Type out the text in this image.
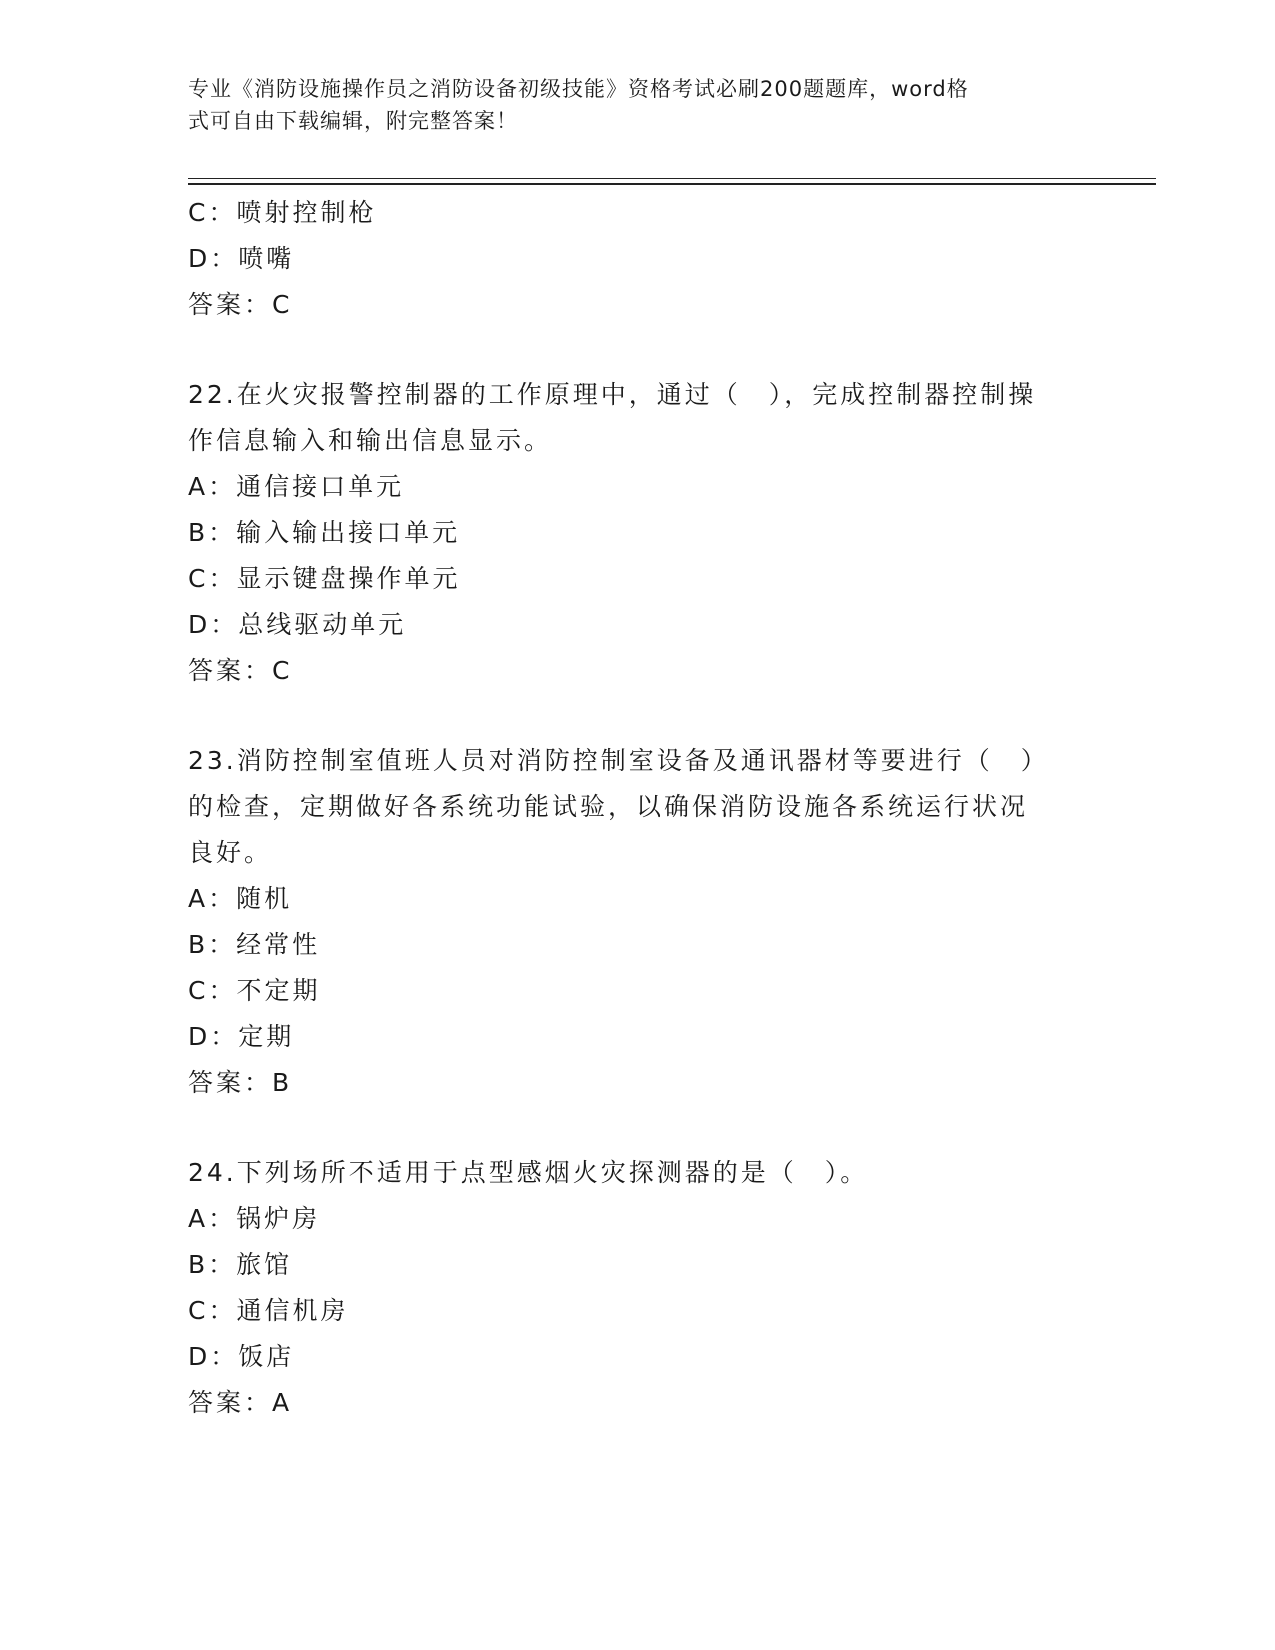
专业《消防设施操作员之消防设备初级技能》资格考试必刷200题题库，word格
式可自由下载编辑，附完整答案！
C：喷射控制枪
D：喷嘴
答案：C
22.在火灾报警控制器的工作原理中，通过（　），完成控制器控制操
作信息输入和输出信息显示。
A：通信接口单元
B：输入输出接口单元
C：显示键盘操作单元
D：总线驱动单元
答案：C
23.消防控制室值班人员对消防控制室设备及通讯器材等要进行（　）
的检查，定期做好各系统功能试验，以确保消防设施各系统运行状况
良好。
A：随机
B：经常性
C：不定期
D：定期
答案：B
24.下列场所不适用于点型感烟火灾探测器的是（　）。
A：锅炉房
B：旅馆
C：通信机房
D：饭店
答案：A
